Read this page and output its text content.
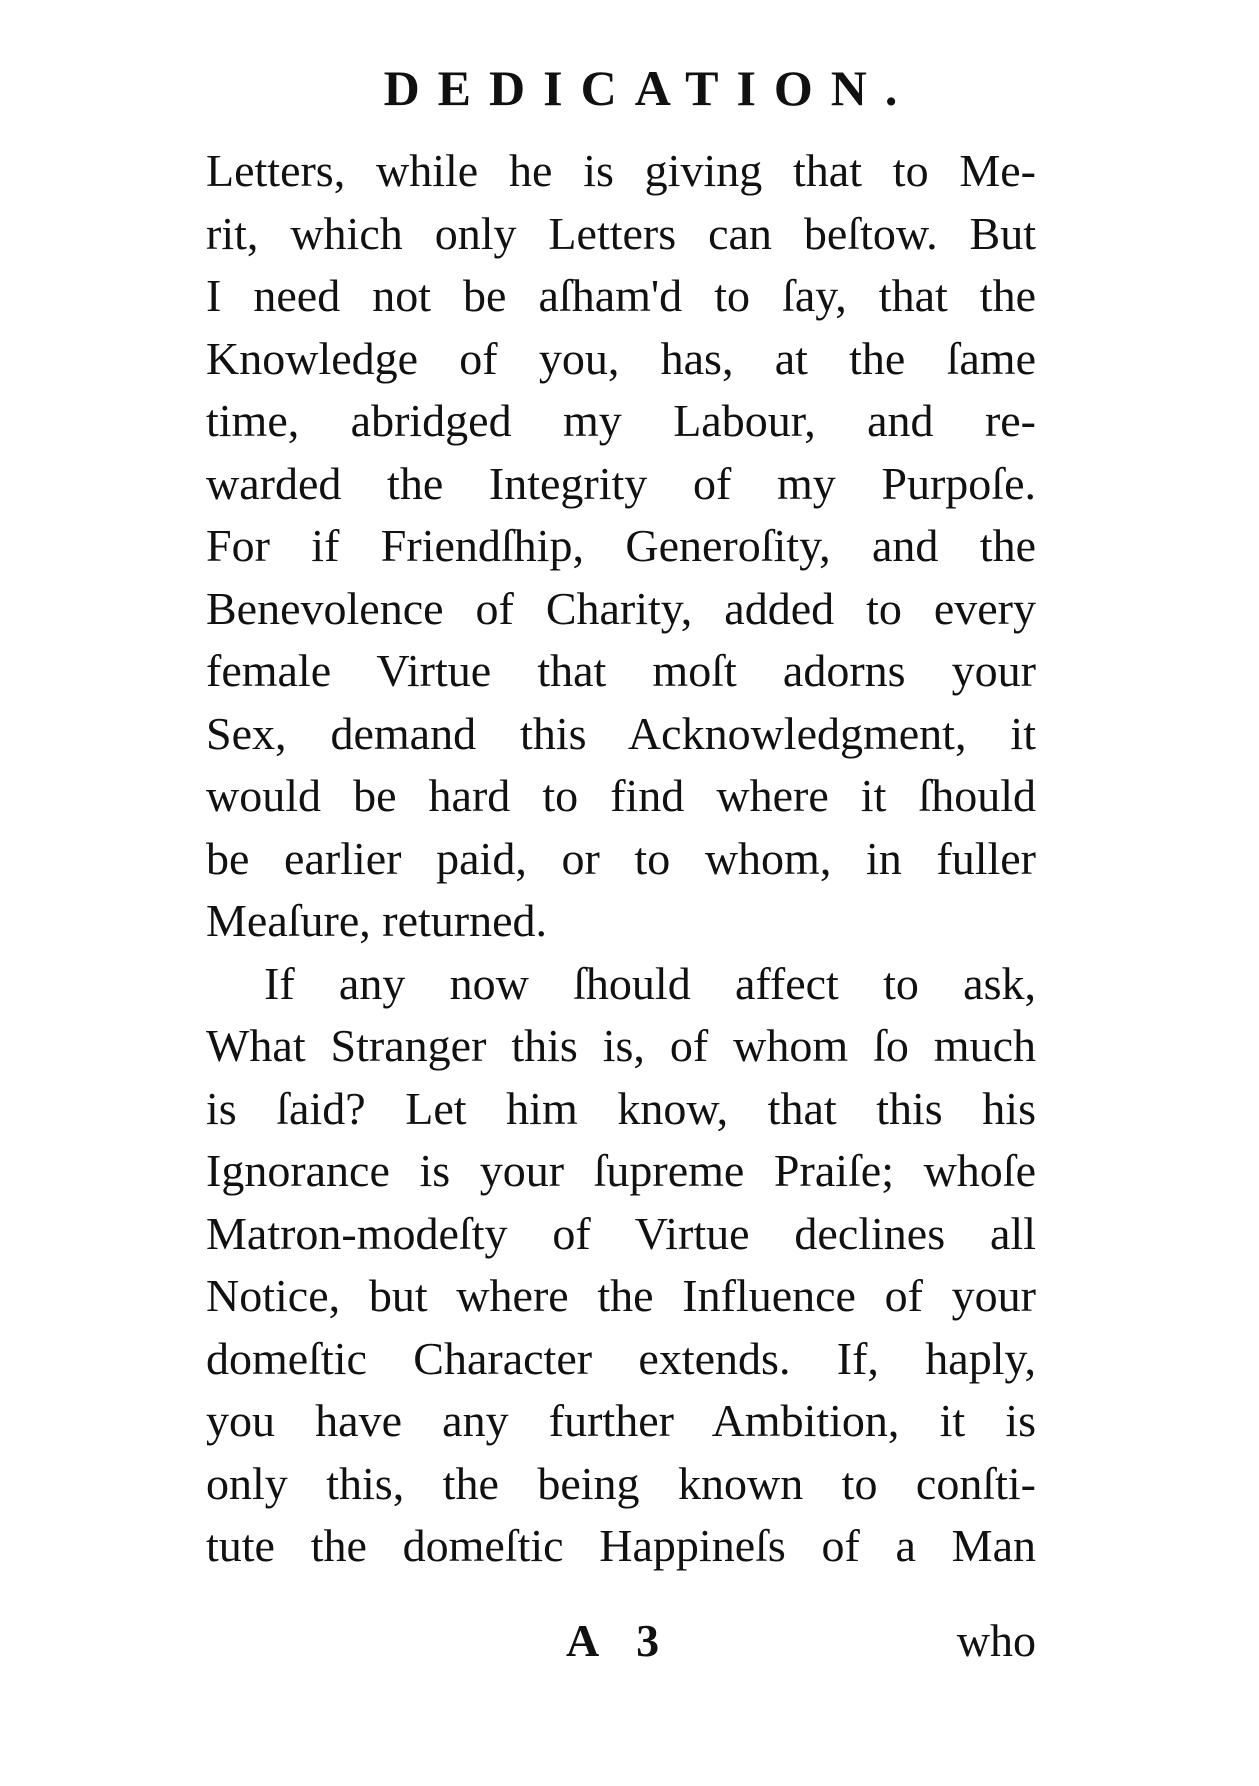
DEDICATION.
Letters, while he is giving that to Me-
rit, which only Letters can beſtow. But
I need not be aſham'd to ſay, that the
Knowledge of you, has, at the ſame
time, abridged my Labour, and re-
warded the Integrity of my Purpoſe.
For if Friendſhip, Generoſity, and the
Benevolence of Charity, added to every
female Virtue that moſt adorns your
Sex, demand this Acknowledgment, it
would be hard to find where it ſhould
be earlier paid, or to whom, in fuller
Meaſure, returned.
If any now ſhould affect to ask,
What Stranger this is, of whom ſo much
is ſaid? Let him know, that this his
Ignorance is your ſupreme Praiſe; whoſe
Matron-modeſty of Virtue declines all
Notice, but where the Influence of your
domeſtic Character extends. If, haply,
you have any further Ambition, it is
only this, the being known to conſti-
tute the domeſtic Happineſs of a Man
A 3	who
